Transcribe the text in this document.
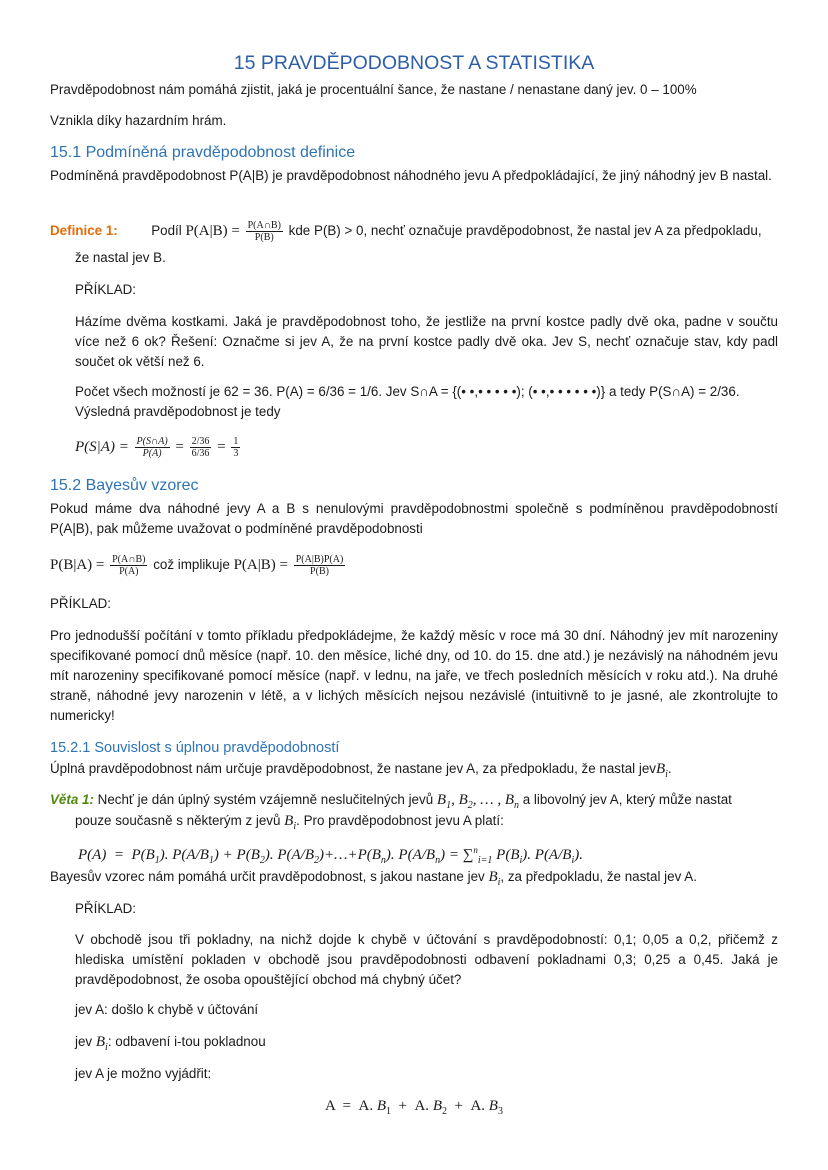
15 PRAVDĚPODOBNOST A STATISTIKA
Pravděpodobnost nám pomáhá zjistit, jaká je procentuální šance, že nastane / nenastane daný jev. 0 – 100%
Vznikla díky hazardním hrám.
15.1 Podmíněná pravděpodobnost definice
Podmíněná pravděpodobnost P(A|B) je pravděpodobnost náhodného jevu A předpokládající, že jiný náhodný jev B nastal.
Definice 1: Podíl $P(A|B) = \frac{P(A\cap B)}{P(B)}$ kde P(B) > 0, nechť označuje pravděpodobnost, že nastal jev A za předpokladu,
že nastal jev B.
PŘÍKLAD:
Házíme dvěma kostkami. Jaká je pravděpodobnost toho, že jestliže na první kostce padly dvě oka, padne v součtu více než 6 ok? Řešení: Označme si jev A, že na první kostce padly dvě oka. Jev S, nechť označuje stav, kdy padl součet ok větší než 6.
Počet všech možností je 62 = 36. P(A) = 6/36 = 1/6. Jev S∩A = {(• •,• • • • •); (• •,• • • • • •)} a tedy P(S∩A) = 2/36.
Výsledná pravděpodobnost je tedy
$P(S|A) = \frac{P(S\cap A)}{P(A)} = \frac{2/36}{6/36} = \frac{1}{3}$
15.2 Bayesův vzorec
Pokud máme dva náhodné jevy A a B s nenulovými pravděpodobnostmi společně s podmíněnou pravděpodobností P(A|B), pak můžeme uvažovat o podmíněné pravděpodobnosti
$P(B|A) = \frac{P(A\cap B)}{P(A)}$ což implikuje $P(A|B) = \frac{P(A|B)P(A)}{P(B)}$
PŘÍKLAD:
Pro jednodušší počítání v tomto příkladu předpokládejme, že každý měsíc v roce má 30 dní. Náhodný jev mít narozeniny specifikované pomocí dnů měsíce (např. 10. den měsíce, liché dny, od 10. do 15. dne atd.) je nezávislý na náhodném jevu mít narozeniny specifikované pomocí měsíce (např. v lednu, na jaře, ve třech posledních měsících v roku atd.). Na druhé straně, náhodné jevy narozenin v létě, a v lichých měsících nejsou nezávislé (intuitivně to je jasné, ale zkontrolujte to numericky!
15.2.1 Souvislost s úplnou pravděpodobností
Úplná pravděpodobnost nám určuje pravděpodobnost, že nastane jev A, za předpokladu, že nastal jevB$_i$.
Věta 1: Nechť je dán úplný systém vzájemně neslučitelných jevů $B_1$, $B_2$, … , $B_n$ a libovolný jev A, který může nastat
pouze současně s některým z jevů $B_i$. Pro pravděpodobnost jevu A platí:
$P(A) = P(B_1)$. $P(A/B_1) + P(B_2)$. $P(A/B_2)+\dots+P(B_n)$. $P(A/B_n) = \sum^n_{i=1}$ $P(B_i)$. $P(A/B_i)$.
Bayesův vzorec nám pomáhá určit pravděpodobnost, s jakou nastane jev $B_i$, za předpokladu, že nastal jev A.
PŘÍKLAD:
V obchodě jsou tři pokladny, na nichž dojde k chybě v účtování s pravděpodobností: 0,1; 0,05 a 0,2, přičemž z hlediska umístění pokladen v obchodě jsou pravděpodobnosti odbavení pokladnami 0,3; 0,25 a 0,45. Jaká je pravděpodobnost, že osoba opouštějící obchod má chybný účet?
jev A: došlo k chybě v účtování
jev $B_i$: odbavení i-tou pokladnou
jev A je možno vyjádřit:
A  =  A. $B_1 + A$. $B_2 + A$. $B_3$
